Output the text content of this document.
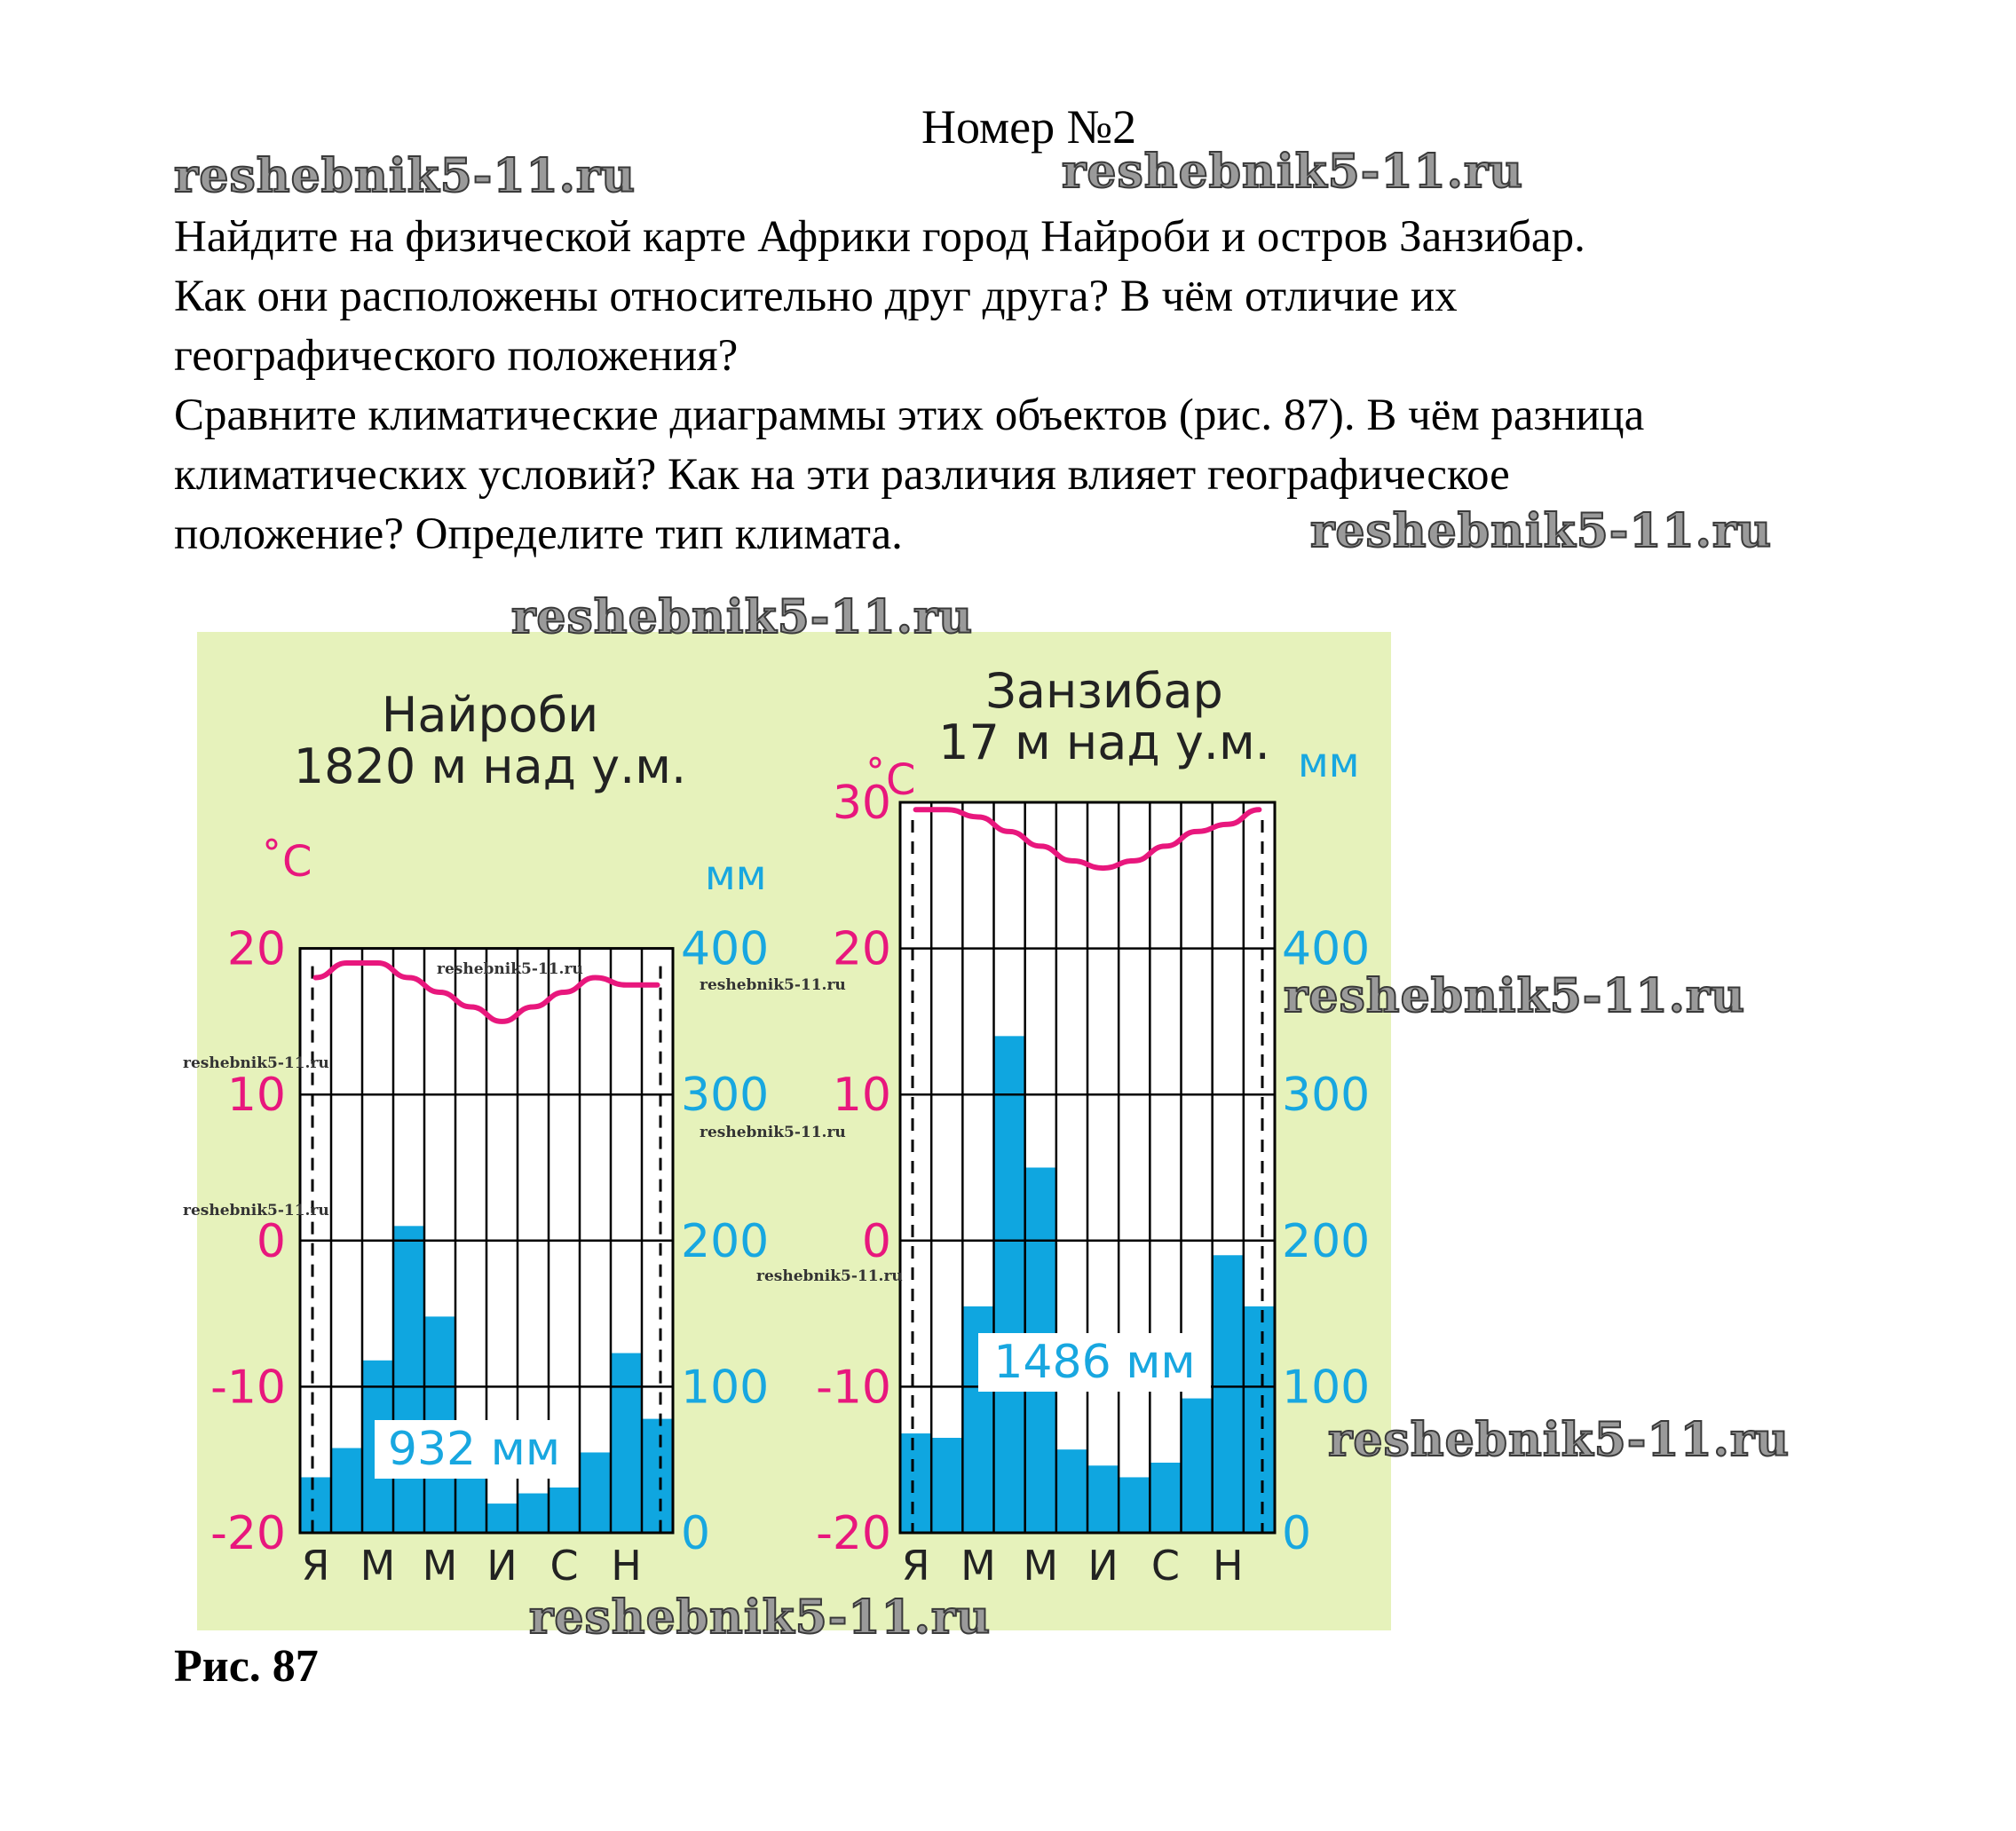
Номер №2

Найдите на физической карте Африки город Найроби и остров Занзибар.

Как они расположены относительно друг друга? В чём отличие их

географического положения?

Сравните климатические диаграммы этих объектов (рис. 87). В чём разница

климатических условий? Как на эти различия влияет географическое

положение? Определите тип климата.

20
10
0
-10
-20
400
300
200
100
0
˚С	мм
Найроби
1820 м над у.м.
Я М М И С Н
932 мм
30
20
10
0
-10
-20
400
300
200
100
0
˚С	мм
Занзибар
17 м над у.м.
Я М М И С Н
1486 мм
Рис. 87
reshebnik5-11.ru	reshebnik5-11.ru
reshebnik5-11.ru
reshebnik5-11.ru
reshebnik5-11.ru
reshebnik5-11.ru
reshebnik5-11.ru
reshebnik5-11.ru
reshebnik5-11.ru
reshebnik5-11.ru
reshebnik5-11.ru
reshebnik5-11.ru
reshebnik5-11.ru
